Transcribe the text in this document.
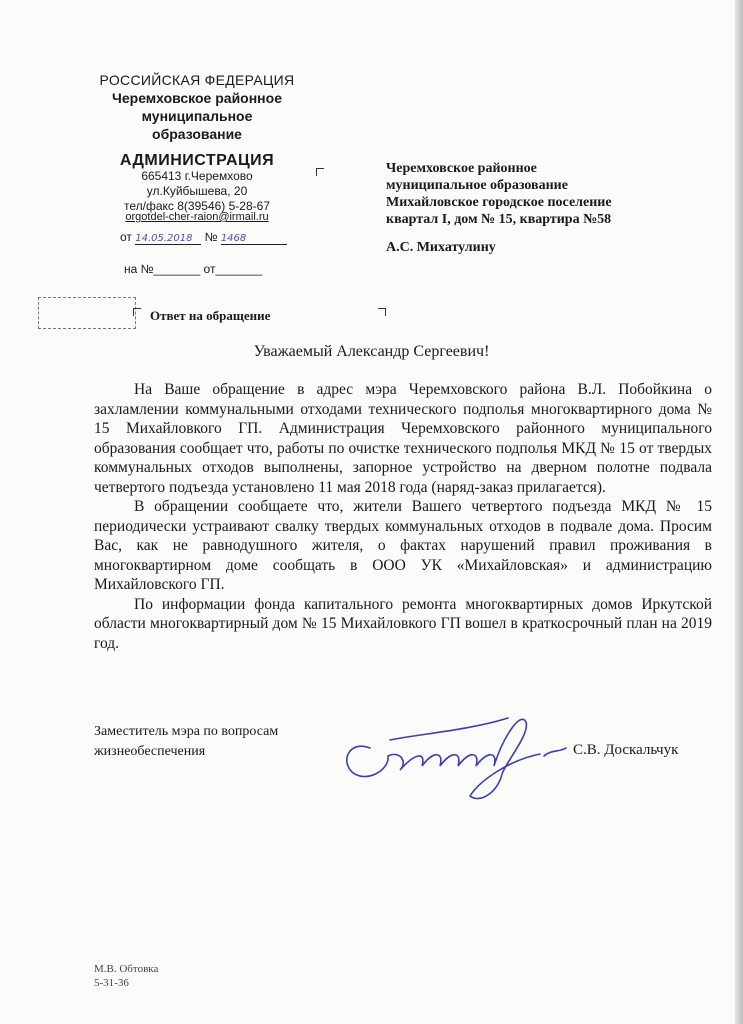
РОССИЙСКАЯ ФЕДЕРАЦИЯ
Черемховское районное
муниципальное
образование
АДМИНИСТРАЦИЯ
665413 г.Черемхово
ул.Куйбышева, 20
тел/факс 8(39546) 5-28-67
orgotdel-cher-raion@irmail.ru
от 14.05.2018 № 1468
на №_______ от_______
Черемховское районное
муниципальное образование
Михайловское городское поселение
квартал I, дом № 15, квартира №58
А.С. Михатулину
Ответ на обращение
Уважаемый Александр Сергеевич!

На Ваше обращение в адрес мэра Черемховского района В.Л. Побойкина о захламлении коммунальными отходами технического подполья многоквартирного дома № 15 Михайловкого ГП. Администрация Черемховского районного муниципального образования сообщает что, работы по очистке технического подполья МКД № 15 от твердых коммунальных отходов выполнены, запорное устройство на дверном полотне подвала четвертого подъезда установлено 11 мая 2018 года (наряд-заказ прилагается).

В обращении сообщаете что, жители Вашего четвертого подъезда МКД № 15 периодически устраивают свалку твердых коммунальных отходов в подвале дома. Просим Вас, как не равнодушного жителя, о фактах нарушений правил проживания в многоквартирном доме сообщать в ООО УК «Михайловская» и администрацию Михайловского ГП.

По информации фонда капитального ремонта многоквартирных домов Иркутской области многоквартирный дом № 15 Михайловкого ГП вошел в краткосрочный план на 2019 год.

Заместитель мэра по вопросам
жизнеобеспечения	С.В. Доскальчук
М.В. Обтовка
5-31-36
